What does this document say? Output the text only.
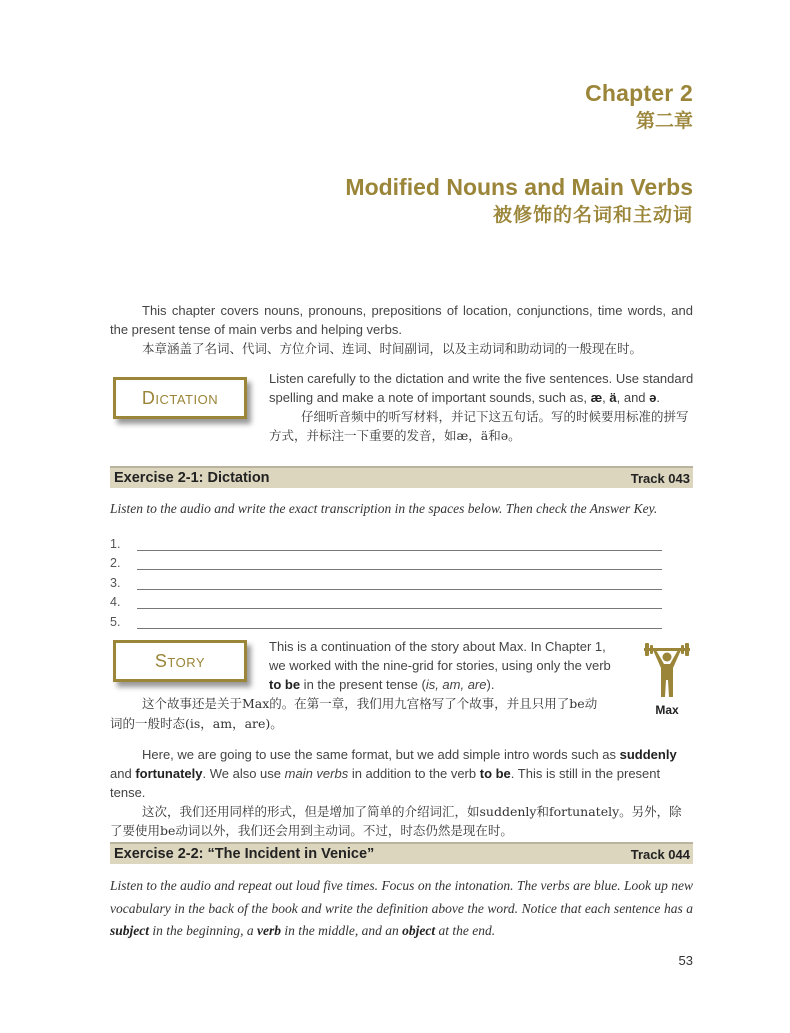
Chapter 2
第二章
Modified Nouns and Main Verbs
被修饰的名词和主动词
This chapter covers nouns, pronouns, prepositions of location, conjunctions, time words, and the present tense of main verbs and helping verbs.
本章涵盖了名词、代词、方位介词、连词、时间副词，以及主动词和助动词的一般现在时。
Dictation
Listen carefully to the dictation and write the five sentences. Use standard spelling and make a note of important sounds, such as, æ, ä, and ə.
仔细听音频中的听写材料，并记下这五句话。写的时候要用标准的拼写方式，并标注一下重要的发音，如æ，ä和ə。
Exercise 2-1: Dictation	Track 043
Listen to the audio and write the exact transcription in the spaces below. Then check the Answer Key.
1.
2.
3.
4.
5.
Story
This is a continuation of the story about Max. In Chapter 1, we worked with the nine-grid for stories, using only the verb to be in the present tense (is, am, are).
Max
这个故事还是关于Max的。在第一章，我们用九宫格写了个故事，并且只用了be动
词的一般时态(is，am，are)。
Here, we are going to use the same format, but we add simple intro words such as suddenly and fortunately. We also use main verbs in addition to the verb to be. This is still in the present tense.
这次，我们还用同样的形式，但是增加了简单的介绍词汇，如suddenly和fortunately。另外，除了要使用be动词以外，我们还会用到主动词。不过，时态仍然是现在时。
Exercise 2-2: “The Incident in Venice”	Track 044
Listen to the audio and repeat out loud five times. Focus on the intonation. The verbs are blue. Look up new vocabulary in the back of the book and write the definition above the word. Notice that each sentence has a subject in the beginning, a verb in the middle, and an object at the end.
53
